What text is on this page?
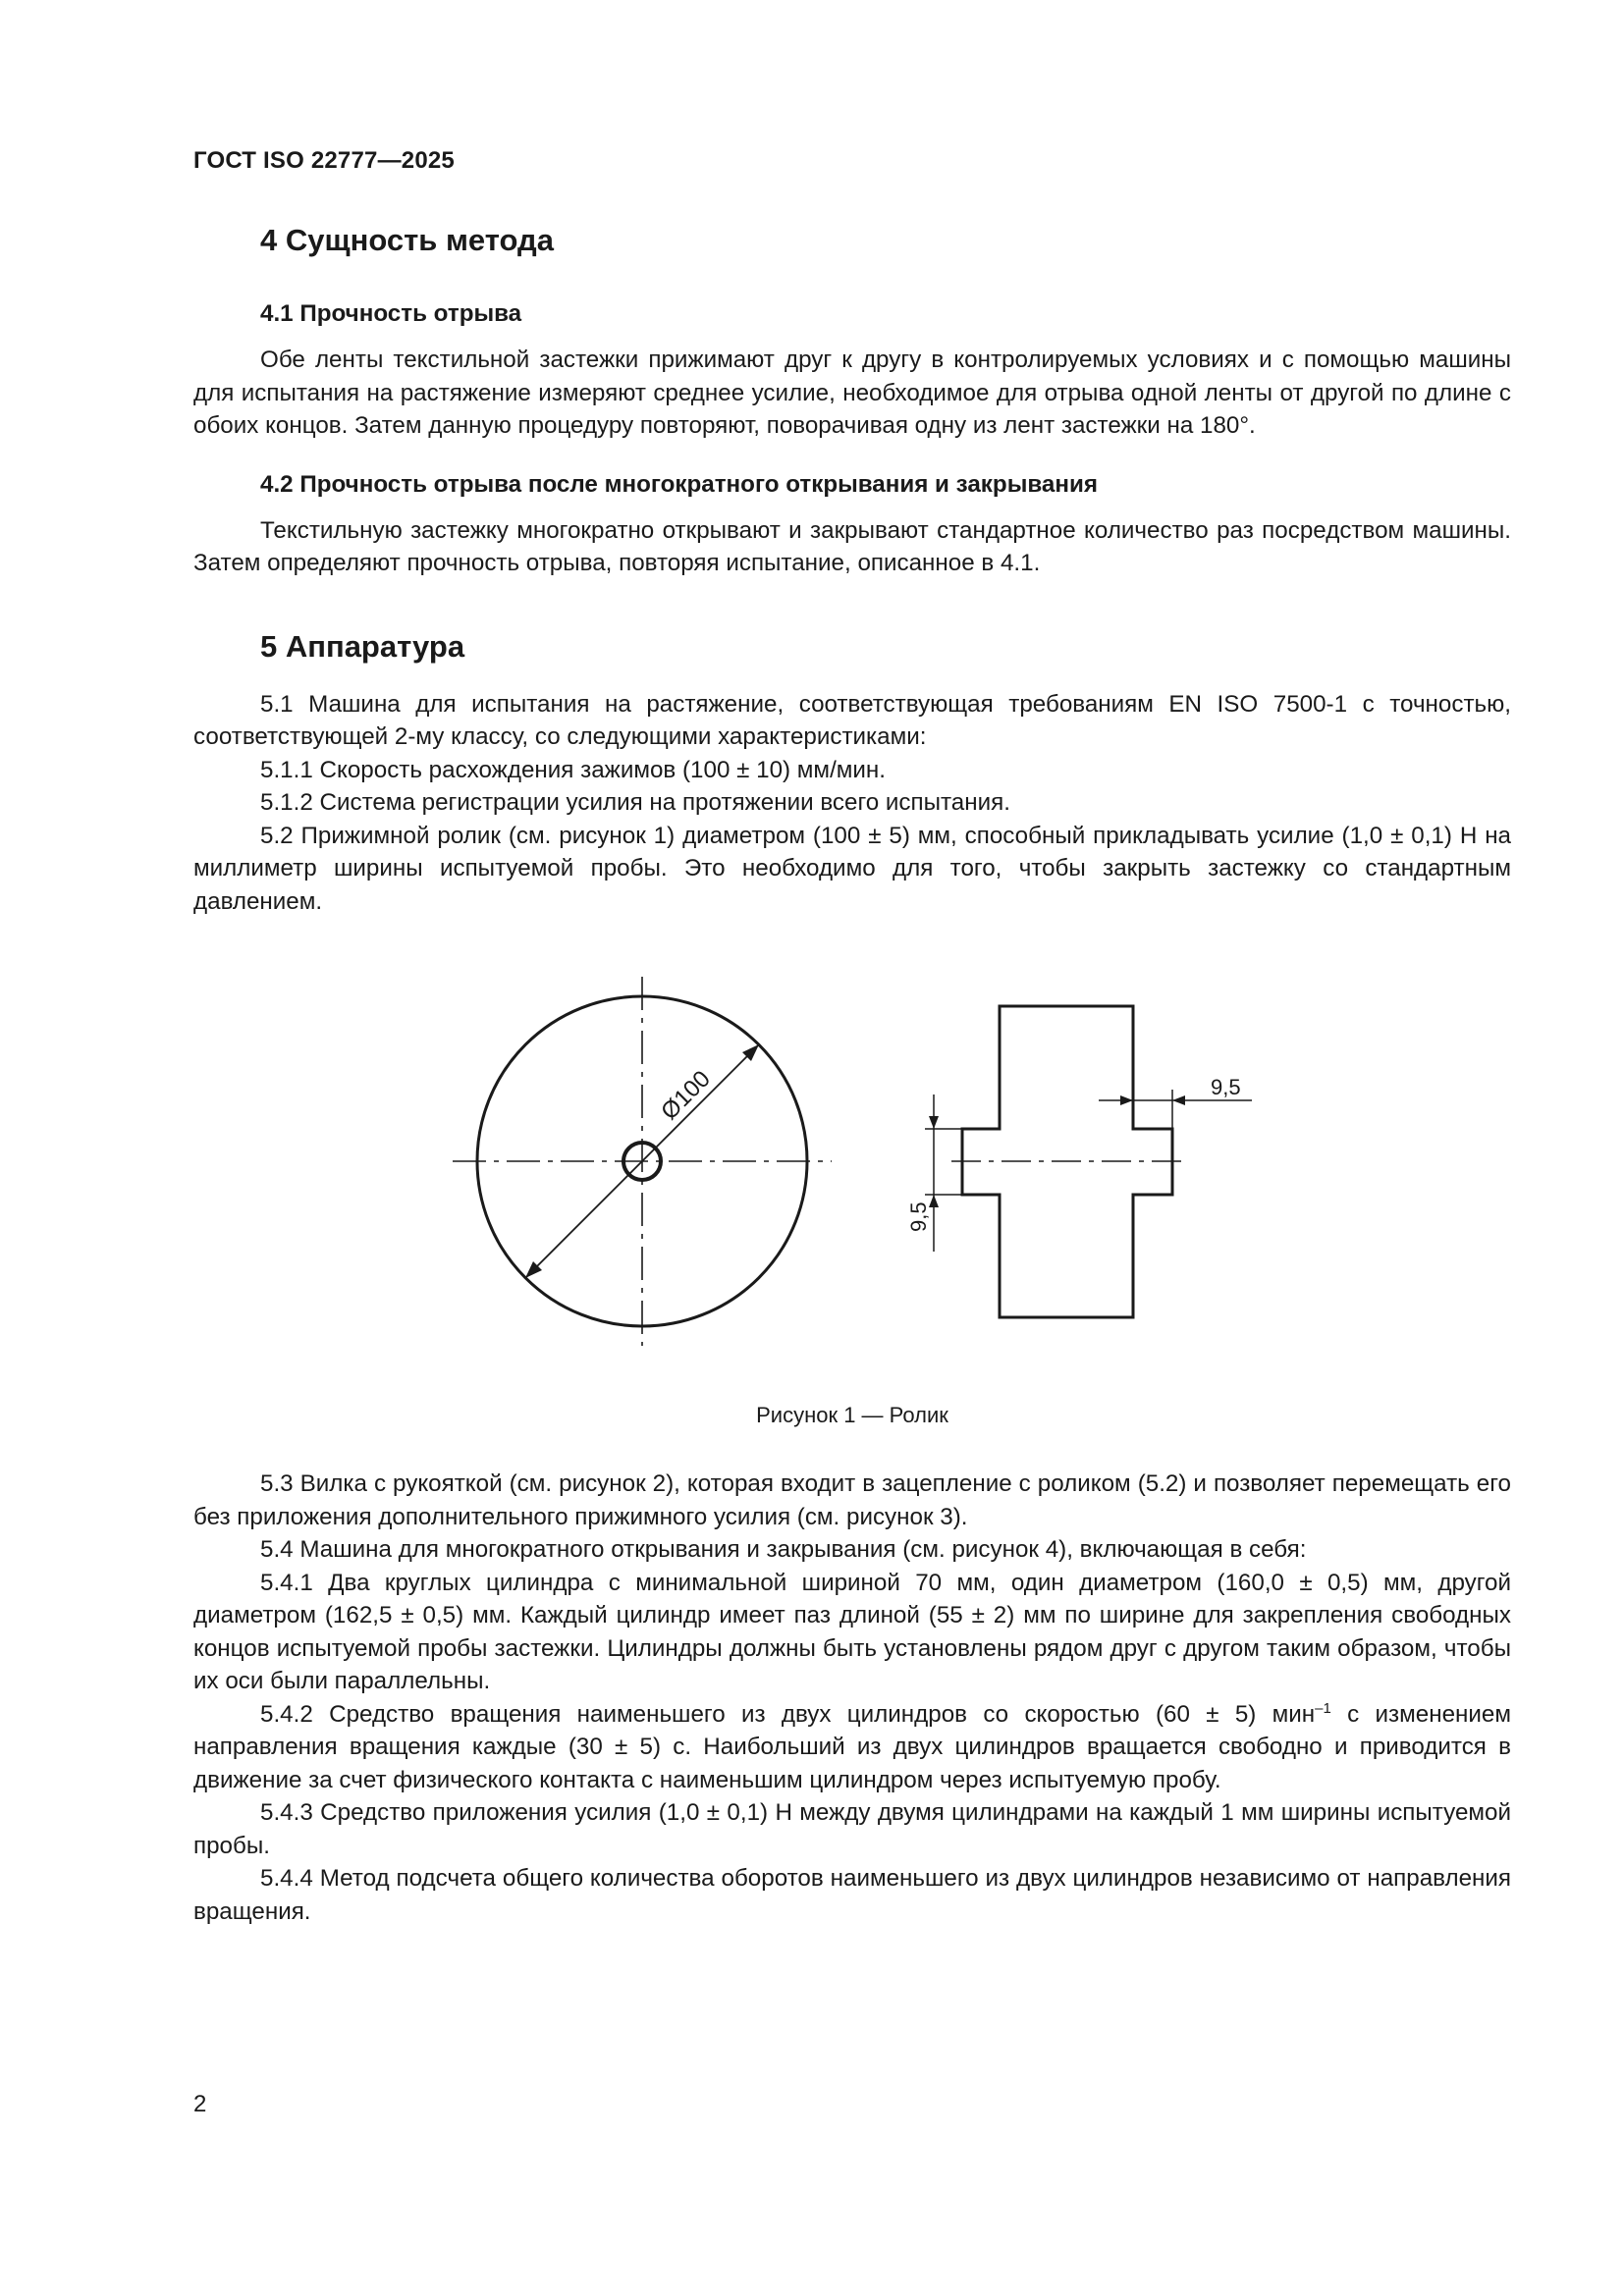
ГОСТ ISO 22777—2025
4 Сущность метода
4.1 Прочность отрыва

Обе ленты текстильной застежки прижимают друг к другу в контролируемых условиях и с помощью машины для испытания на растяжение измеряют среднее усилие, необходимое для отрыва одной ленты от другой по длине с обоих концов. Затем данную процедуру повторяют, поворачивая одну из лент застежки на 180°.

4.2 Прочность отрыва после многократного открывания и закрывания

Текстильную застежку многократно открывают и закрывают стандартное количество раз посредством машины. Затем определяют прочность отрыва, повторяя испытание, описанное в 4.1.

5 Аппаратура

5.1 Машина для испытания на растяжение, соответствующая требованиям EN ISO 7500-1 с точностью, соответствующей 2-му классу, со следующими характеристиками:

5.1.1 Скорость расхождения зажимов (100 ± 10) мм/мин.

5.1.2 Система регистрации усилия на протяжении всего испытания.

5.2 Прижимной ролик (см. рисунок 1) диаметром (100 ± 5) мм, способный прикладывать усилие (1,0 ± 0,1) Н на миллиметр ширины испытуемой пробы. Это необходимо для того, чтобы закрыть застежку со стандартным давлением.

Ø100	9,5
9,5
Рисунок 1 — Ролик

5.3 Вилка с рукояткой (см. рисунок 2), которая входит в зацепление с роликом (5.2) и позволяет перемещать его без приложения дополнительного прижимного усилия (см. рисунок 3).

5.4 Машина для многократного открывания и закрывания (см. рисунок 4), включающая в себя:

5.4.1 Два круглых цилиндра с минимальной шириной 70 мм, один диаметром (160,0 ± 0,5) мм, другой диаметром (162,5 ± 0,5) мм. Каждый цилиндр имеет паз длиной (55 ± 2) мм по ширине для закрепления свободных концов испытуемой пробы застежки. Цилиндры должны быть установлены рядом друг с другом таким образом, чтобы их оси были параллельны.

5.4.2 Средство вращения наименьшего из двух цилиндров со скоростью (60 ± 5) мин$^{-1}$ с изменением направления вращения каждые (30 ± 5) с. Наибольший из двух цилиндров вращается свободно и приводится в движение за счет физического контакта с наименьшим цилиндром через испытуемую пробу.

5.4.3 Средство приложения усилия (1,0 ± 0,1) Н между двумя цилиндрами на каждый 1 мм ширины испытуемой пробы.

5.4.4 Метод подсчета общего количества оборотов наименьшего из двух цилиндров независимо от направления вращения.

2
